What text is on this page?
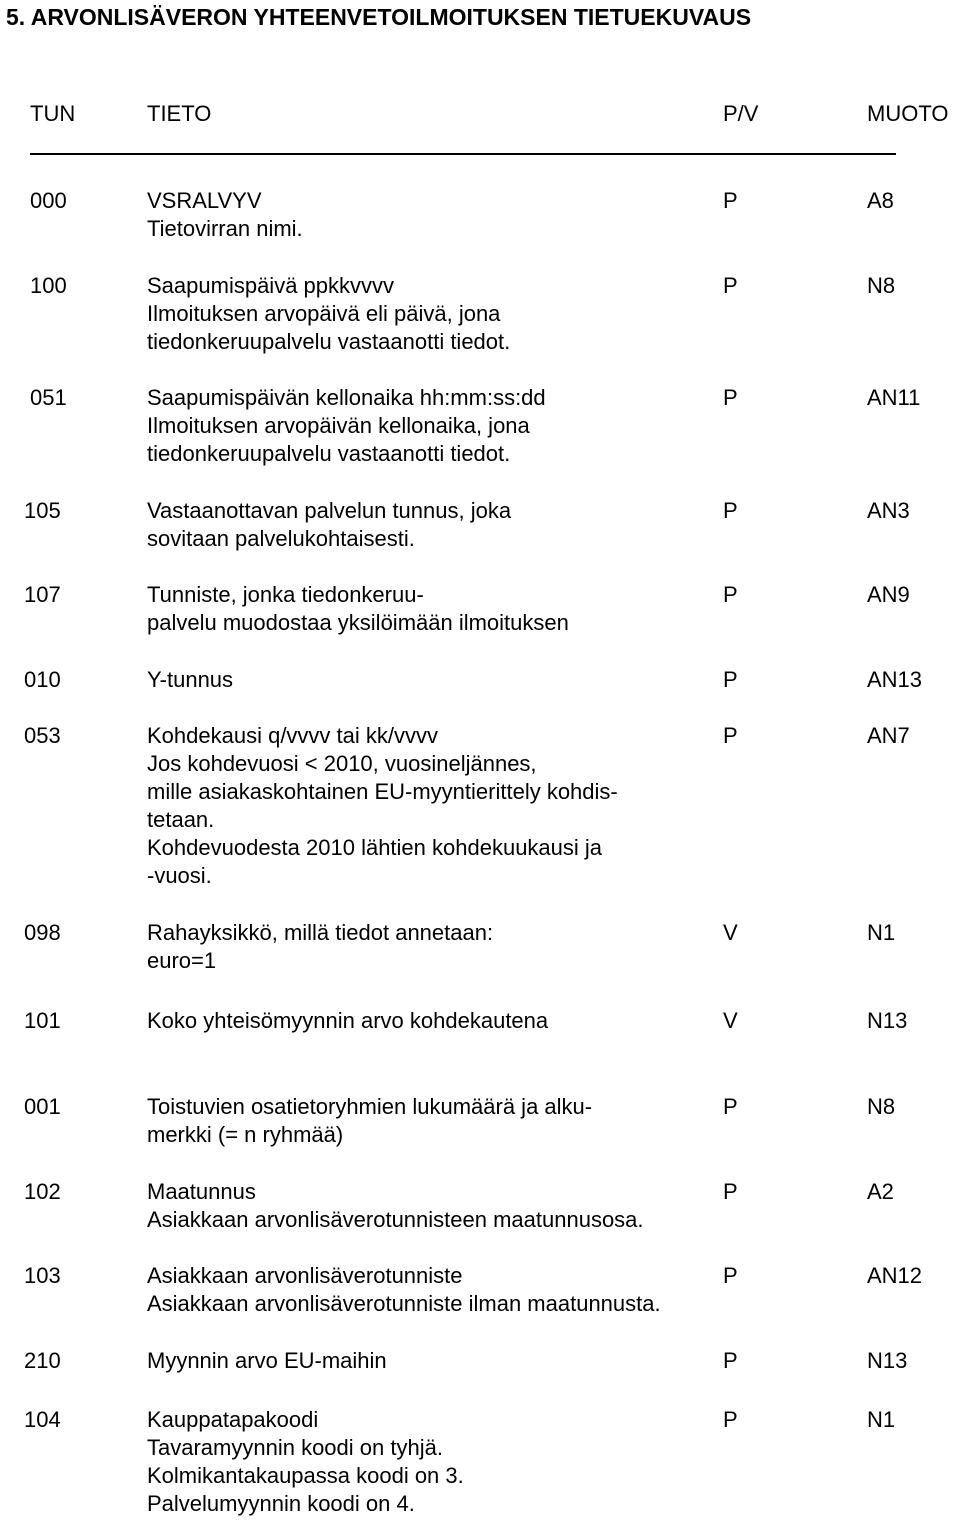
5. ARVONLISÄVERON YHTEENVETOILMOITUKSEN TIETUEKUVAUS
TUN	TIETO	P/V	MUOTO
000	VSRALVYV
Tietovirran nimi.
P	A8
100	Saapumispäivä ppkkvvvv
Ilmoituksen arvopäivä eli päivä, jona
tiedonkeruupalvelu vastaanotti tiedot.
P	N8
051	Saapumispäivän kellonaika hh:mm:ss:dd
Ilmoituksen arvopäivän kellonaika, jona
tiedonkeruupalvelu vastaanotti tiedot.
P	AN11
105	Vastaanottavan palvelun tunnus, joka
sovitaan palvelukohtaisesti.
P	AN3
107	Tunniste, jonka tiedonkeruu-
palvelu muodostaa yksilöimään ilmoituksen
P	AN9
010	Y-tunnus	P	AN13
053	Kohdekausi q/vvvv tai kk/vvvv
Jos kohdevuosi < 2010, vuosineljännes,
mille asiakaskohtainen EU-myyntierittely kohdis-
tetaan.
Kohdevuodesta 2010 lähtien kohdekuukausi ja
-vuosi.
P	AN7
098	Rahayksikkö, millä tiedot annetaan:
euro=1
V	N1
101	Koko yhteisömyynnin arvo kohdekautena	V	N13
001	Toistuvien osatietoryhmien lukumäärä ja alku-
merkki (= n ryhmää)
P	N8
102	Maatunnus
Asiakkaan arvonlisäverotunnisteen maatunnusosa.
P	A2
103	Asiakkaan arvonlisäverotunniste
Asiakkaan arvonlisäverotunniste ilman maatunnusta.
P	AN12
210	Myynnin arvo EU-maihin	P	N13
104	Kauppatapakoodi
Tavaramyynnin koodi on tyhjä.
Kolmikantakaupassa koodi on 3.
Palvelumyynnin koodi on 4.
P	N1
